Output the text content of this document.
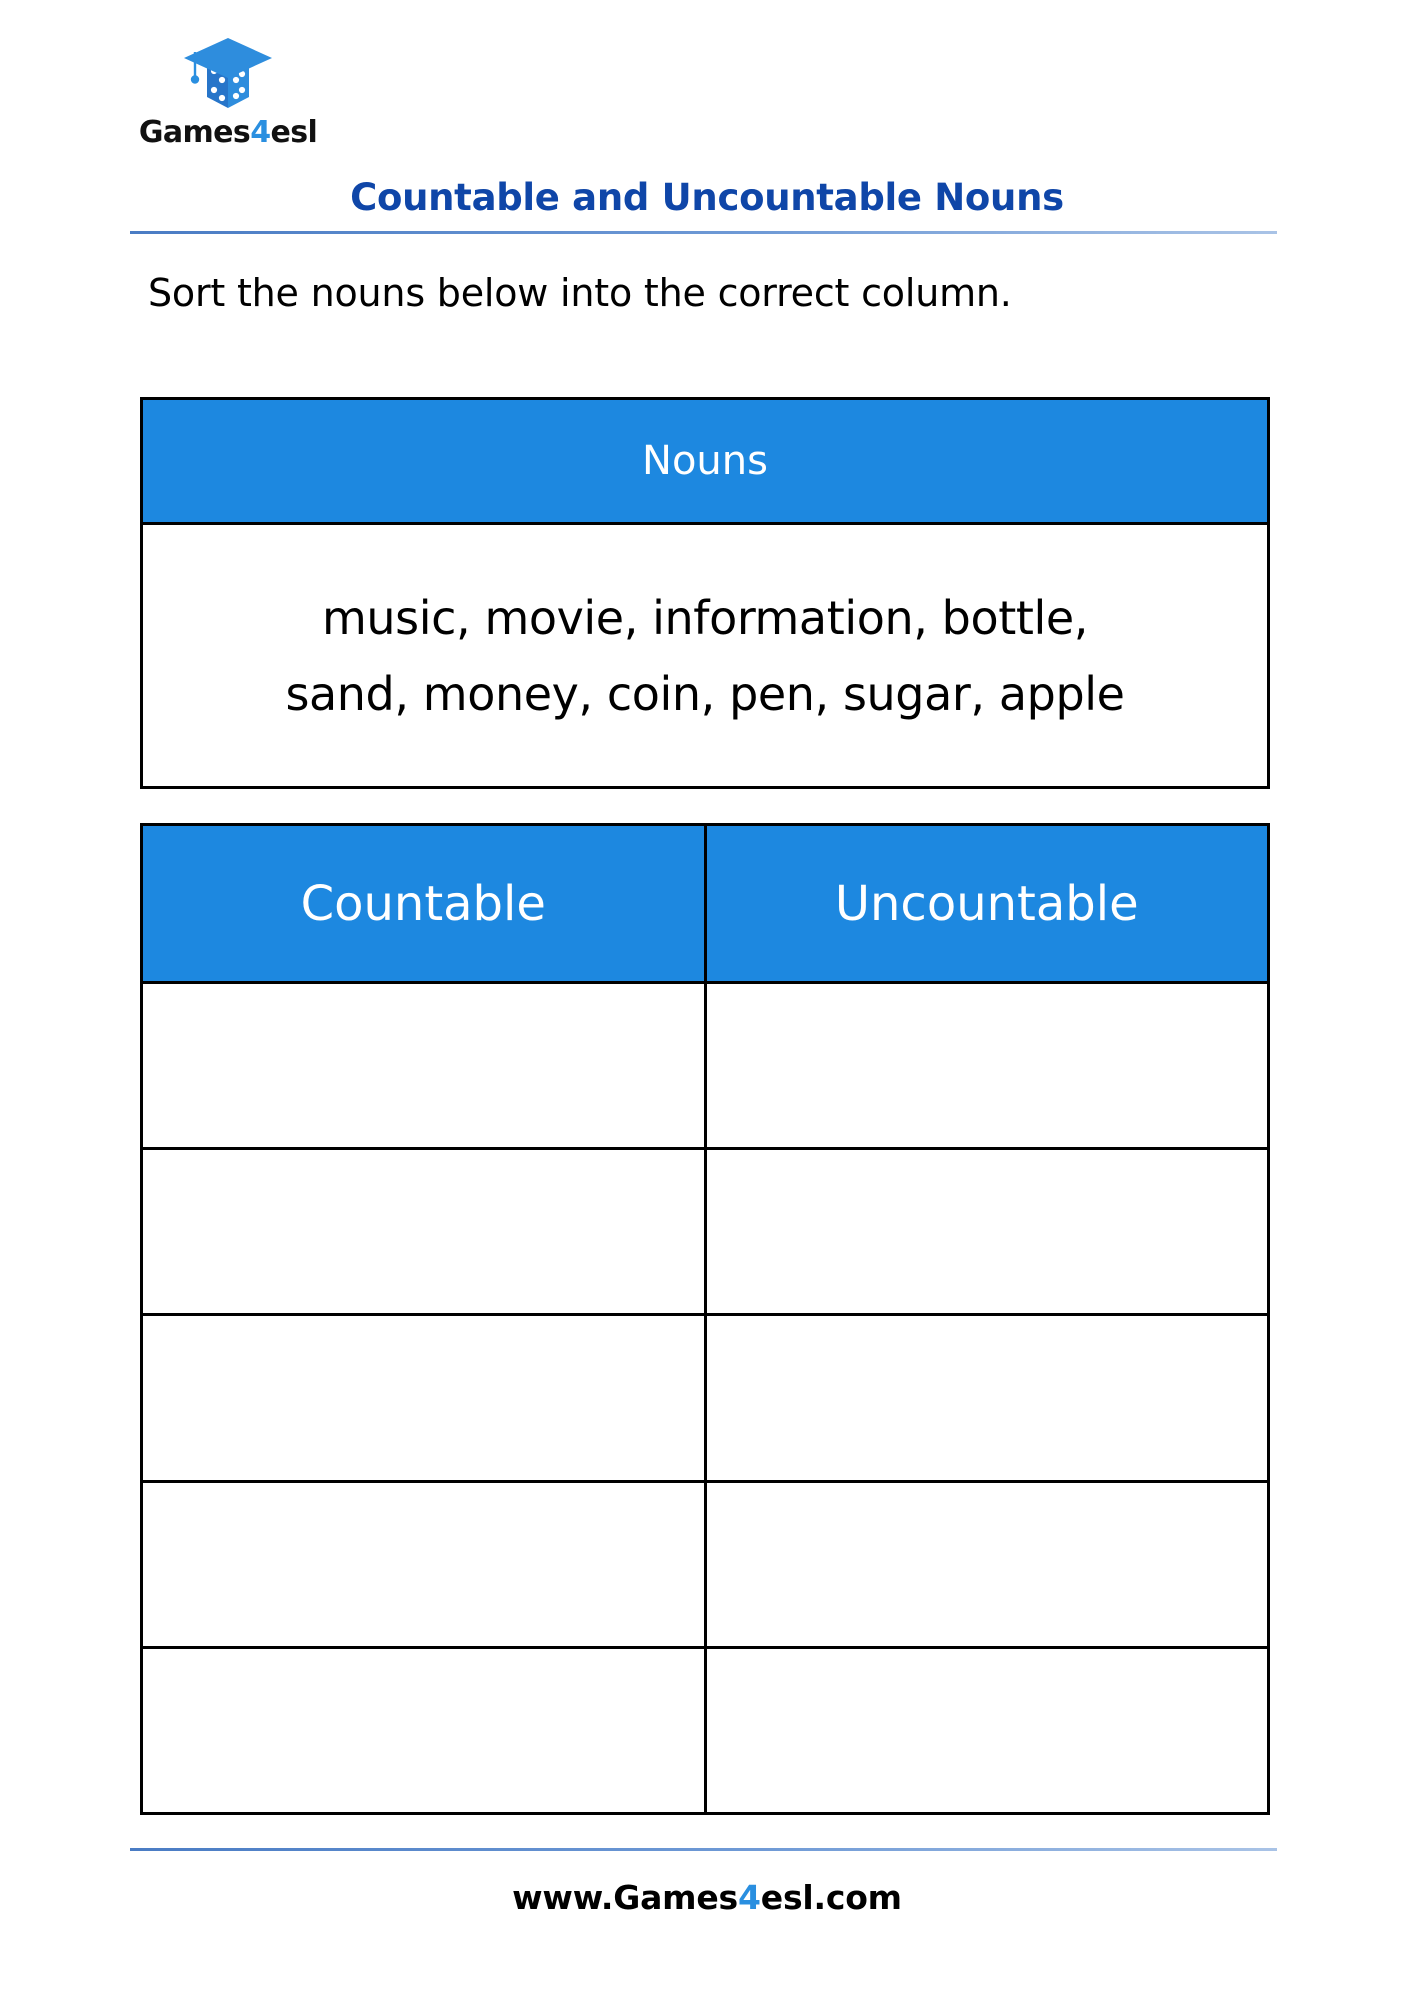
Games4esl
Countable and Uncountable Nouns
Sort the nouns below into the correct column.
Nouns
music, movie, information, bottle,
sand, money, coin, pen, sugar, apple
Countable	Uncountable
www.Games4esl.com
